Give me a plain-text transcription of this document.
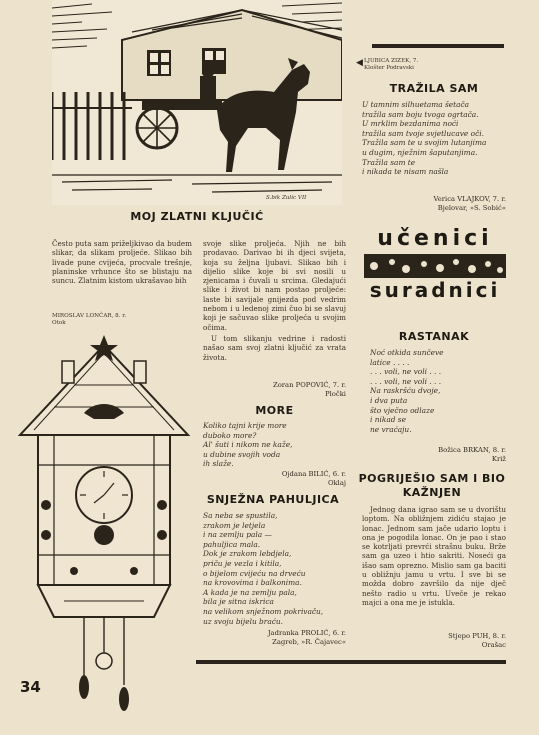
S.bik Zulic VII
MOJ ZLATNI KLJUČIĆ
Često puta sam priželjkivao da budem slikar, da slikam proljeće. Slikao bih livade pune cvijeća, procvale trešnje, planinske vrhunce što se blistaju na suncu. Zlatnim kistom ukrašavao bih
MIROSLAV LONČAR, 8. r.
Otok
svoje slike proljeća. Njih ne bih prodavao. Darivao bi ih djeci svijeta, koja su željna ljubavi. Slikao bih i dijelio slike koje bi svi nosili u zjenicama i čuvali u srcima. Gledajući slike i život bi nam postao proljeće: laste bi savijale gnijezda pod vedrim nebom i u ledenoj zimi čuo bi se slavuj koji je sačuvao slike proljeća u svojim očima.
U tom slikanju vedrine i radosti našao sam svoj zlatni ključić za vrata života.
Zoran POPOVIĆ, 7. r.
Pločki
MORE
Koliko tajni krije more
duboko more?
Al' šuti i nikom ne kaže,
u dubine svojih voda
ih slaže.
Ojdana BILIĆ, 6. r.
Oklaj
SNJEŽNA PAHULJICA
Sa neba se spustila,
zrakom je letjela
i na zemlju pala —
pahuljica mala.
Dok je zrakom lebdjela,
priču je vezla i kitila,
o bijelom cvijeću na drveću
na krovovima i balkonima.
A kada je na zemlju pala,
bila je sitna iskrica
na velikom snježnom pokrivaču,
uz svoju bijelu braću.
Jadranka PROLIĆ, 6. r.
Zagreb, »R. Čajavec«
◀ LJUBICA ZIZEK, 7.
Klošter Podravski
TRAŽILA SAM
U tamnim silhuetama šetača
tražila sam boju tvoga ogrtača.
U mrklim bezdanima noći
tražila sam tvoje svjetlucave oči.
Tražila sam te u svojim lutanjima
u dugim, nježnim šaputanjima.
Tražila sam te
i nikada te nisam našla
Verica VLAJKOV, 7. r.
Bjelovar, »S. Sobić«
učenici
suradnici
RASTANAK
Noć otkida sunčeve
latice . . . .
. . . voli, ne voli . . .
. . . voli, ne voli . . .
Na raskršću dvoje,
i dva puta
što vječno odlaze
i nikad se
ne vraćaju.
Božica BRKAN, 8. r.
Križ
POGRIJEŠIO SAM I BIO
KAŽNJEN
Jednog dana igrao sam se u dvorištu loptom. Na obližnjem zidiću stajao je lonac. Jednom sam jače udario loptu i ona je pogodila lonac. On je pao i stao se kotrljati prevrći strašnu buku. Brže sam ga uzeo i htio sakriti. Noseći ga išao sam oprezno. Mislio sam ga baciti u obližnju jamu u vrtu. I sve bi se možda dobro završilo da nije dječ nešto radio u vrtu. Uveče je rekao majci a ona me je istukla.
Stjepo PUH, 8. r.
Orašac
34
